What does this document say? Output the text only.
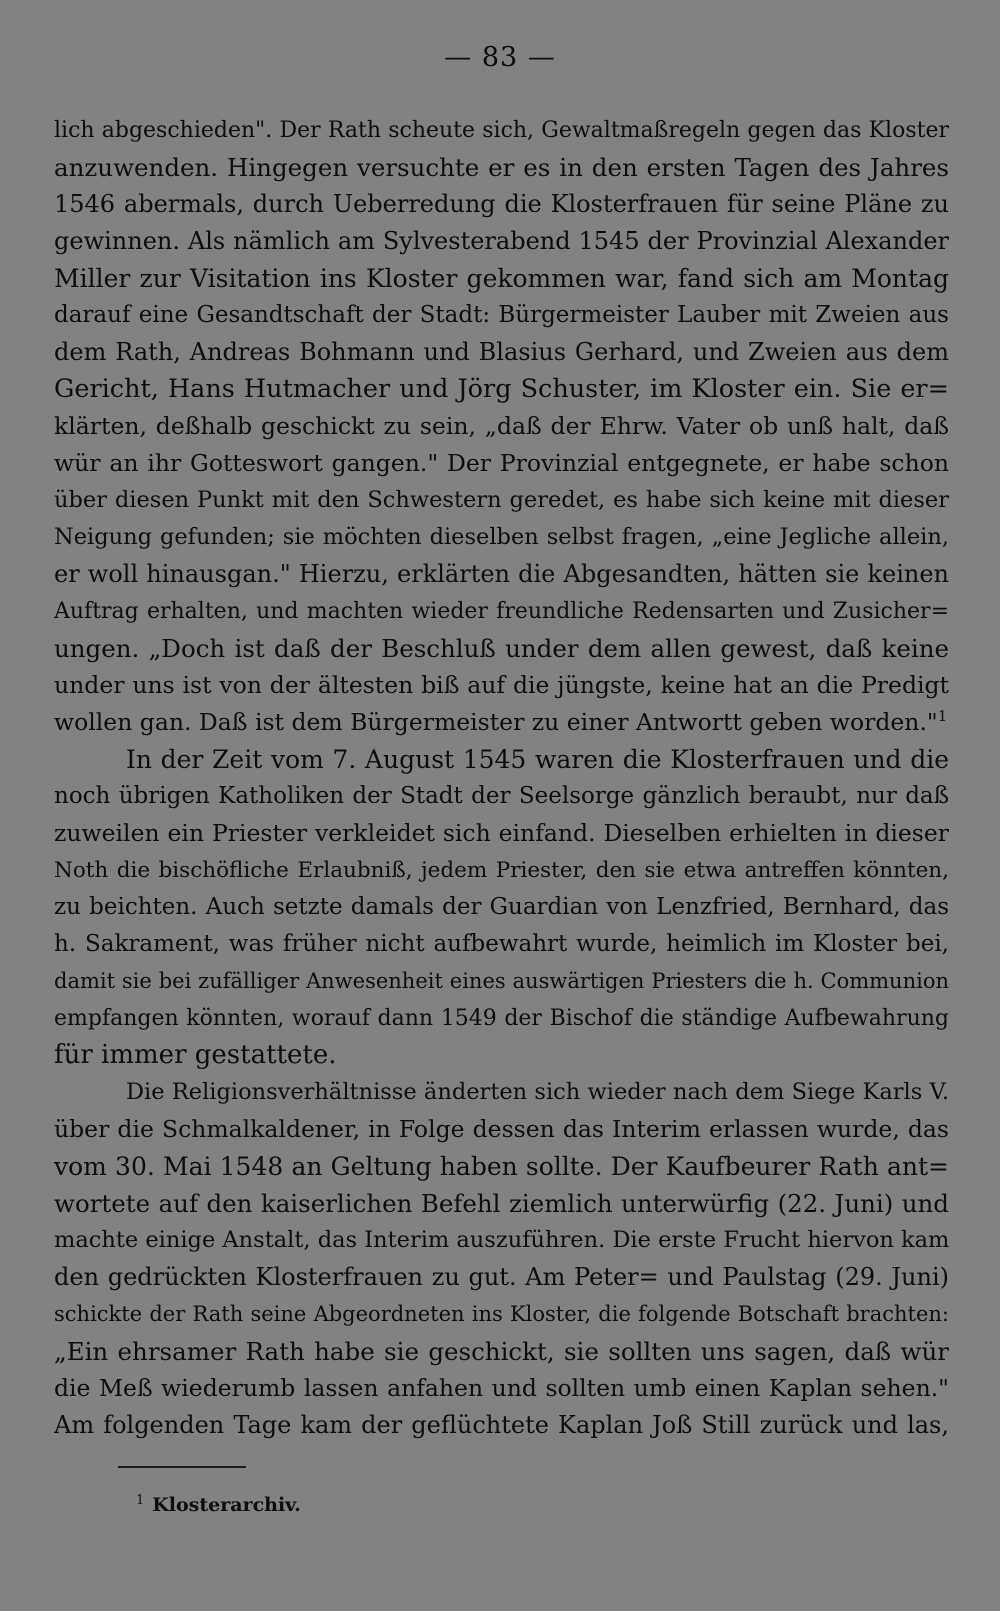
— 83 —
lich abgeschieden". Der Rath scheute sich, Gewaltmaßregeln gegen das Kloster
anzuwenden. Hingegen versuchte er es in den ersten Tagen des Jahres
1546 abermals, durch Ueberredung die Klosterfrauen für seine Pläne zu
gewinnen. Als nämlich am Sylvesterabend 1545 der Provinzial Alexander
Miller zur Visitation ins Kloster gekommen war, fand sich am Montag
darauf eine Gesandtschaft der Stadt: Bürgermeister Lauber mit Zweien aus
dem Rath, Andreas Bohmann und Blasius Gerhard, und Zweien aus dem
Gericht, Hans Hutmacher und Jörg Schuster, im Kloster ein. Sie er=
klärten, deßhalb geschickt zu sein, „daß der Ehrw. Vater ob unß halt, daß
wür an ihr Gotteswort gangen." Der Provinzial entgegnete, er habe schon
über diesen Punkt mit den Schwestern geredet, es habe sich keine mit dieser
Neigung gefunden; sie möchten dieselben selbst fragen, „eine Jegliche allein,
er woll hinausgan." Hierzu, erklärten die Abgesandten, hätten sie keinen
Auftrag erhalten, und machten wieder freundliche Redensarten und Zusicher=
ungen. „Doch ist daß der Beschluß under dem allen gewest, daß keine
under uns ist von der ältesten biß auf die jüngste, keine hat an die Predigt
wollen gan. Daß ist dem Bürgermeister zu einer Antwortt geben worden."$^1$
In der Zeit vom 7. August 1545 waren die Klosterfrauen und die
noch übrigen Katholiken der Stadt der Seelsorge gänzlich beraubt, nur daß
zuweilen ein Priester verkleidet sich einfand. Dieselben erhielten in dieser
Noth die bischöfliche Erlaubniß, jedem Priester, den sie etwa antreffen könnten,
zu beichten. Auch setzte damals der Guardian von Lenzfried, Bernhard, das
h. Sakrament, was früher nicht aufbewahrt wurde, heimlich im Kloster bei,
damit sie bei zufälliger Anwesenheit eines auswärtigen Priesters die h. Communion
empfangen könnten, worauf dann 1549 der Bischof die ständige Aufbewahrung
für immer gestattete.
Die Religionsverhältnisse änderten sich wieder nach dem Siege Karls V.
über die Schmalkaldener, in Folge dessen das Interim erlassen wurde, das
vom 30. Mai 1548 an Geltung haben sollte. Der Kaufbeurer Rath ant=
wortete auf den kaiserlichen Befehl ziemlich unterwürfig (22. Juni) und
machte einige Anstalt, das Interim auszuführen. Die erste Frucht hiervon kam
den gedrückten Klosterfrauen zu gut. Am Peter= und Paulstag (29. Juni)
schickte der Rath seine Abgeordneten ins Kloster, die folgende Botschaft brachten:
„Ein ehrsamer Rath habe sie geschickt, sie sollten uns sagen, daß wür
die Meß wiederumb lassen anfahen und sollten umb einen Kaplan sehen."
Am folgenden Tage kam der geflüchtete Kaplan Joß Still zurück und las,
$^1$ Klosterarchiv.
